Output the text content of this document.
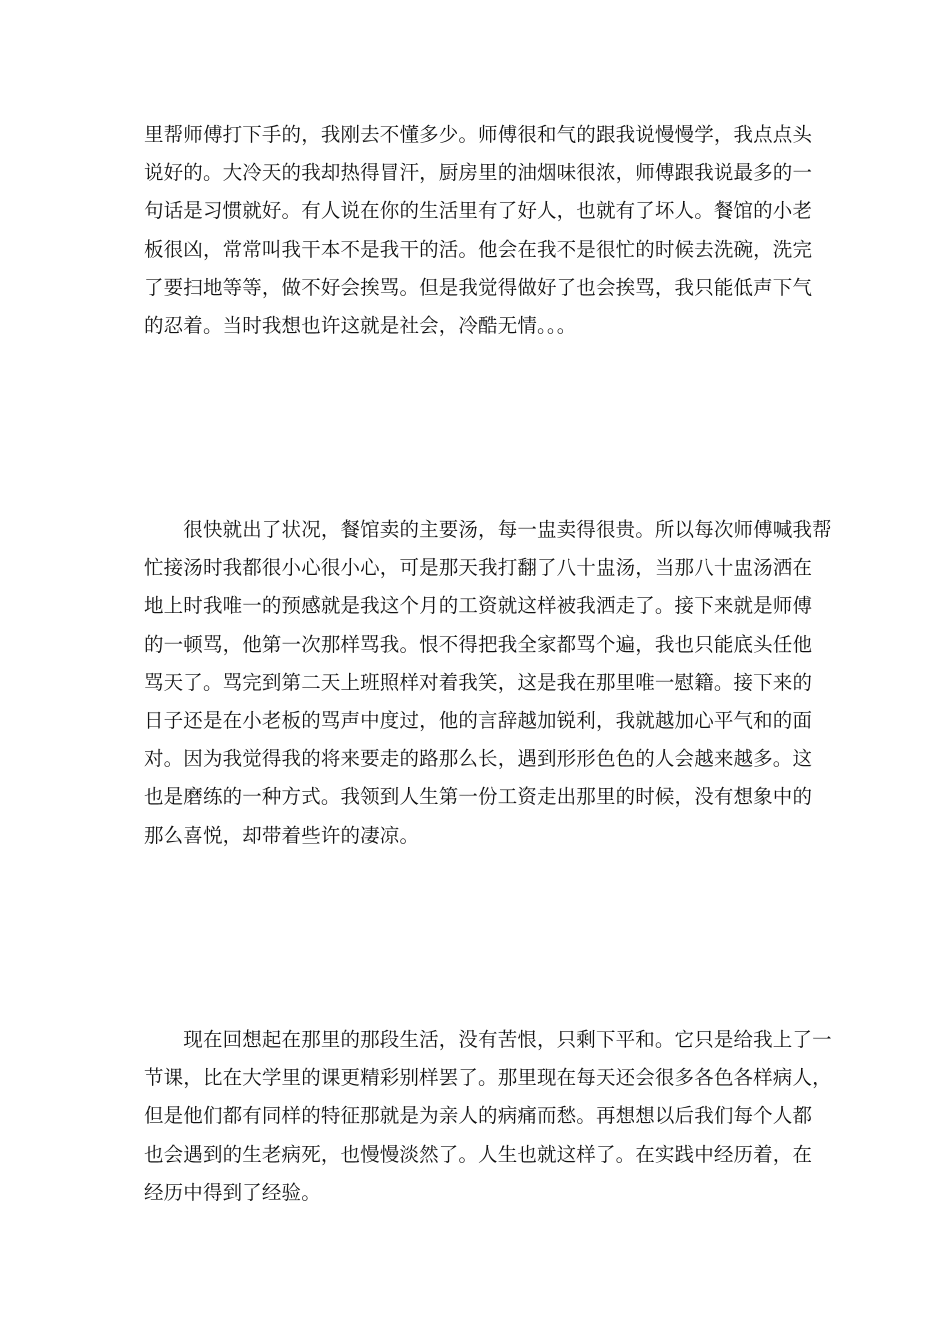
里帮师傅打下手的，我刚去不懂多少。师傅很和气的跟我说慢慢学，我点点头
说好的。大冷天的我却热得冒汗，厨房里的油烟味很浓，师傅跟我说最多的一
句话是习惯就好。有人说在你的生活里有了好人，也就有了坏人。餐馆的小老
板很凶，常常叫我干本不是我干的活。他会在我不是很忙的时候去洗碗，洗完
了要扫地等等，做不好会挨骂。但是我觉得做好了也会挨骂，我只能低声下气
的忍着。当时我想也许这就是社会，冷酷无情。。。
　　很快就出了状况，餐馆卖的主要汤，每一盅卖得很贵。所以每次师傅喊我帮
忙接汤时我都很小心很小心，可是那天我打翻了八十盅汤，当那八十盅汤洒在
地上时我唯一的预感就是我这个月的工资就这样被我洒走了。接下来就是师傅
的一顿骂，他第一次那样骂我。恨不得把我全家都骂个遍，我也只能底头任他
骂天了。骂完到第二天上班照样对着我笑，这是我在那里唯一慰籍。接下来的
日子还是在小老板的骂声中度过，他的言辞越加锐利，我就越加心平气和的面
对。因为我觉得我的将来要走的路那么长，遇到形形色色的人会越来越多。这
也是磨练的一种方式。我领到人生第一份工资走出那里的时候，没有想象中的
那么喜悦，却带着些许的凄凉。
　　现在回想起在那里的那段生活，没有苦恨，只剩下平和。它只是给我上了一
节课，比在大学里的课更精彩别样罢了。那里现在每天还会很多各色各样病人，
但是他们都有同样的特征那就是为亲人的病痛而愁。再想想以后我们每个人都
也会遇到的生老病死，也慢慢淡然了。人生也就这样了。在实践中经历着，在
经历中得到了经验。
